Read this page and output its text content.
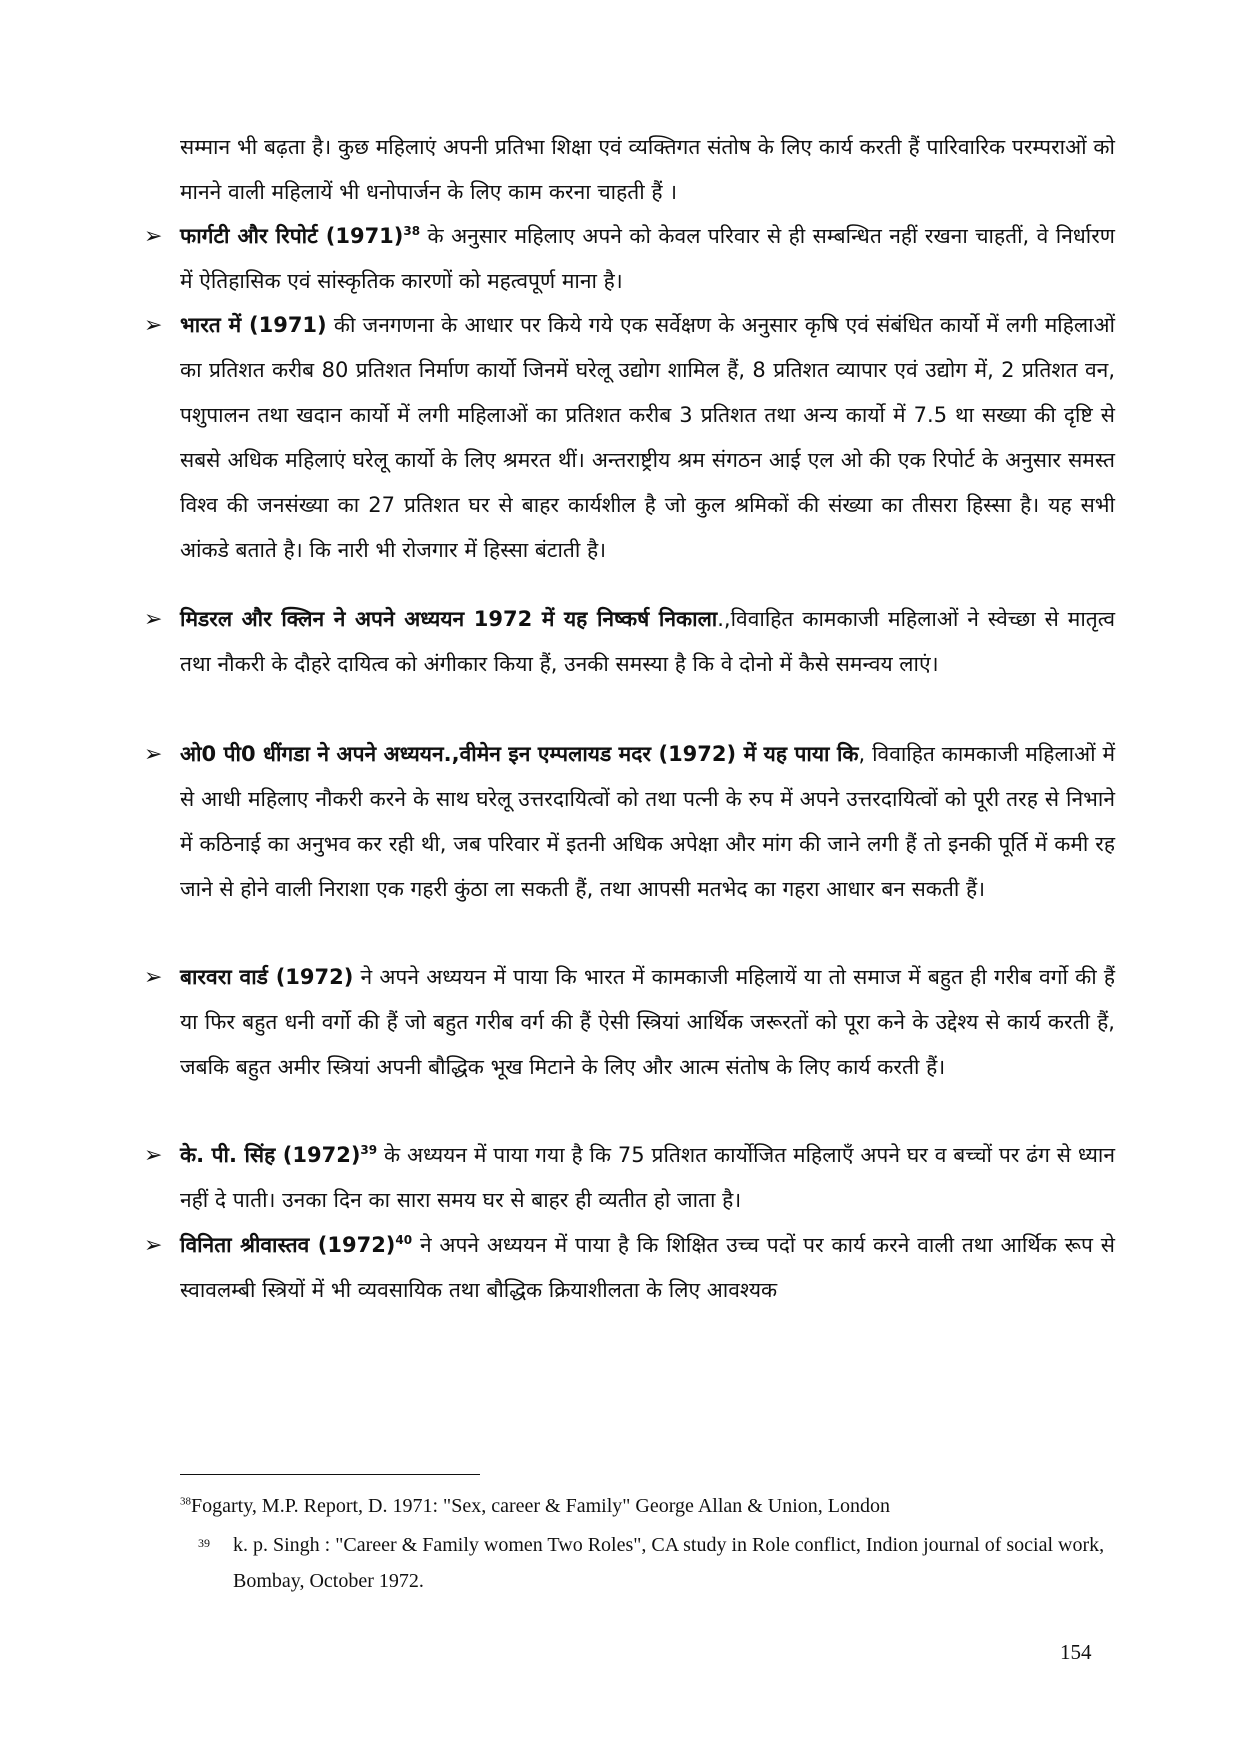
सम्मान भी बढ़ता है। कुछ महिलाएं अपनी प्रतिभा शिक्षा एवं व्यक्तिगत संतोष के लिए कार्य करती हैं पारिवारिक परम्पराओं को मानने वाली महिलायें भी धनोपार्जन के लिए काम करना चाहती हैं ।

➢ फार्गटी और रिपोर्ट $(1971)^{38}$ के अनुसार महिलाए अपने को केवल परिवार से ही सम्बन्धित नहीं रखना चाहतीं, वे निर्धारण में ऐतिहासिक एवं सांस्कृतिक कारणों को महत्वपूर्ण माना है।

➢ भारत में (1971) की जनगणना के आधार पर किये गये एक सर्वेक्षण के अनुसार कृषि एवं संबंधित कार्यो में लगी महिलाओं का प्रतिशत करीब 80 प्रतिशत निर्माण कार्यो जिनमें घरेलू उद्योग शामिल हैं, 8 प्रतिशत व्यापार एवं उद्योग में, 2 प्रतिशत वन, पशुपालन तथा खदान कार्यो में लगी महिलाओं का प्रतिशत करीब 3 प्रतिशत तथा अन्य कार्यो में 7.5 था सख्या की दृष्टि से सबसे अधिक महिलाएं घरेलू कार्यो के लिए श्रमरत थीं। अन्तराष्ट्रीय श्रम संगठन आई एल ओ की एक रिपोर्ट के अनुसार समस्त विश्व की जनसंख्या का 27 प्रतिशत घर से बाहर कार्यशील है जो कुल श्रमिकों की संख्या का तीसरा हिस्सा है। यह सभी आंकडे बताते है। कि नारी भी रोजगार में हिस्सा बंटाती है।

➢ मिडरल और क्लिन ने अपने अध्ययन 1972 में यह निष्कर्ष निकाला.,विवाहित कामकाजी महिलाओं ने स्वेच्छा से मातृत्व तथा नौकरी के दौहरे दायित्व को अंगीकार किया हैं, उनकी समस्या है कि वे दोनो में कैसे समन्वय लाएं।

➢ ओ0 पी0 धींगडा ने अपने अध्ययन.,वीमेन इन एम्पलायड मदर (1972) में यह पाया कि, विवाहित कामकाजी महिलाओं में से आधी महिलाए नौकरी करने के साथ घरेलू उत्तरदायित्वों को तथा पत्नी के रुप में अपने उत्तरदायित्वों को पूरी तरह से निभाने में कठिनाई का अनुभव कर रही थी, जब परिवार में इतनी अधिक अपेक्षा और मांग की जाने लगी हैं तो इनकी पूर्ति में कमी रह जाने से होने वाली निराशा एक गहरी कुंठा ला सकती हैं, तथा आपसी मतभेद का गहरा आधार बन सकती हैं।

➢ बारवरा वार्ड (1972) ने अपने अध्ययन में पाया कि भारत में कामकाजी महिलायें या तो समाज में बहुत ही गरीब वर्गो की हैं या फिर बहुत धनी वर्गो की हैं जो बहुत गरीब वर्ग की हैं ऐसी स्त्रियां आर्थिक जरूरतों को पूरा कने के उद्देश्य से कार्य करती हैं, जबकि बहुत अमीर स्त्रियां अपनी बौद्धिक भूख मिटाने के लिए और आत्म संतोष के लिए कार्य करती हैं।

➢ के. पी. सिंह $(1972)^{39}$ के अध्ययन में पाया गया है कि 75 प्रतिशत कार्योजित महिलाएँ अपने घर व बच्चों पर ढंग से ध्यान नहीं दे पाती। उनका दिन का सारा समय घर से बाहर ही व्यतीत हो जाता है।

➢ विनिता श्रीवास्तव $(1972)^{40}$ ने अपने अध्ययन में पाया है कि शिक्षित उच्च पदों पर कार्य करने वाली तथा आर्थिक रूप से स्वावलम्बी स्त्रियों में भी व्यवसायिक तथा बौद्धिक क्रियाशीलता के लिए आवश्यक

$^{38}$Fogarty, M.P. Report, D. 1971: "Sex, career & Family" George Allan & Union, London

39 k. p. Singh : "Career & Family women Two Roles", CA study in Role conflict, Indion journal of social work, Bombay, October 1972.

154
